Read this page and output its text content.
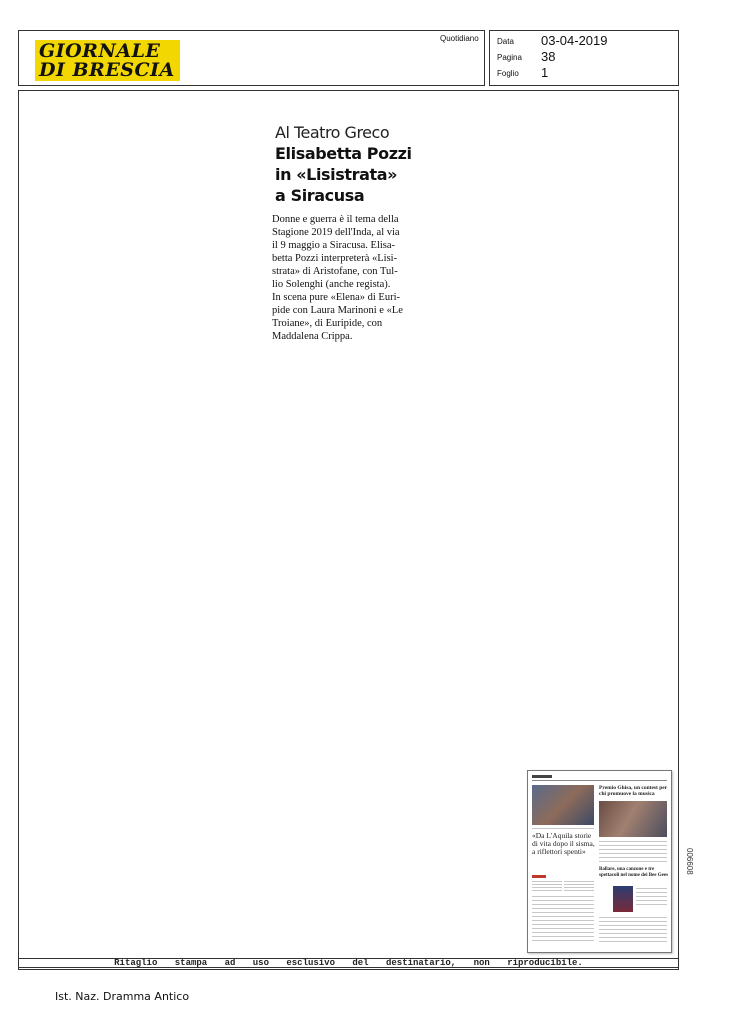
GIORNALE
DI BRESCIA
Quotidiano Data 03-04-2019
Pagina 38
Foglio 1
Al Teatro Greco
Elisabetta Pozzi
in «Lisistrata»
a Siracusa
Donne e guerra è il tema della
Stagione 2019 dell'Inda, al via
il 9 maggio a Siracusa. Elisa-
betta Pozzi interpreterà «Lisi-
strata» di Aristofane, con Tul-
lio Solenghi (anche regista).
In scena pure «Elena» di Euri-
pide con Laura Marinoni e «Le
Troiane», di Euripide, con
Maddalena Crippa.
«Da L'Aquila storie di vita dopo il sisma, a riflettori spenti»
Premio Ghisa, un contest per chi promuove la musica
Ballare, una canzone e tre spettacoli nel nome dei Bee Gees
006608
Ritaglio stampa ad uso esclusivo del destinatario, non riproducibile.
Ist. Naz. Dramma Antico
